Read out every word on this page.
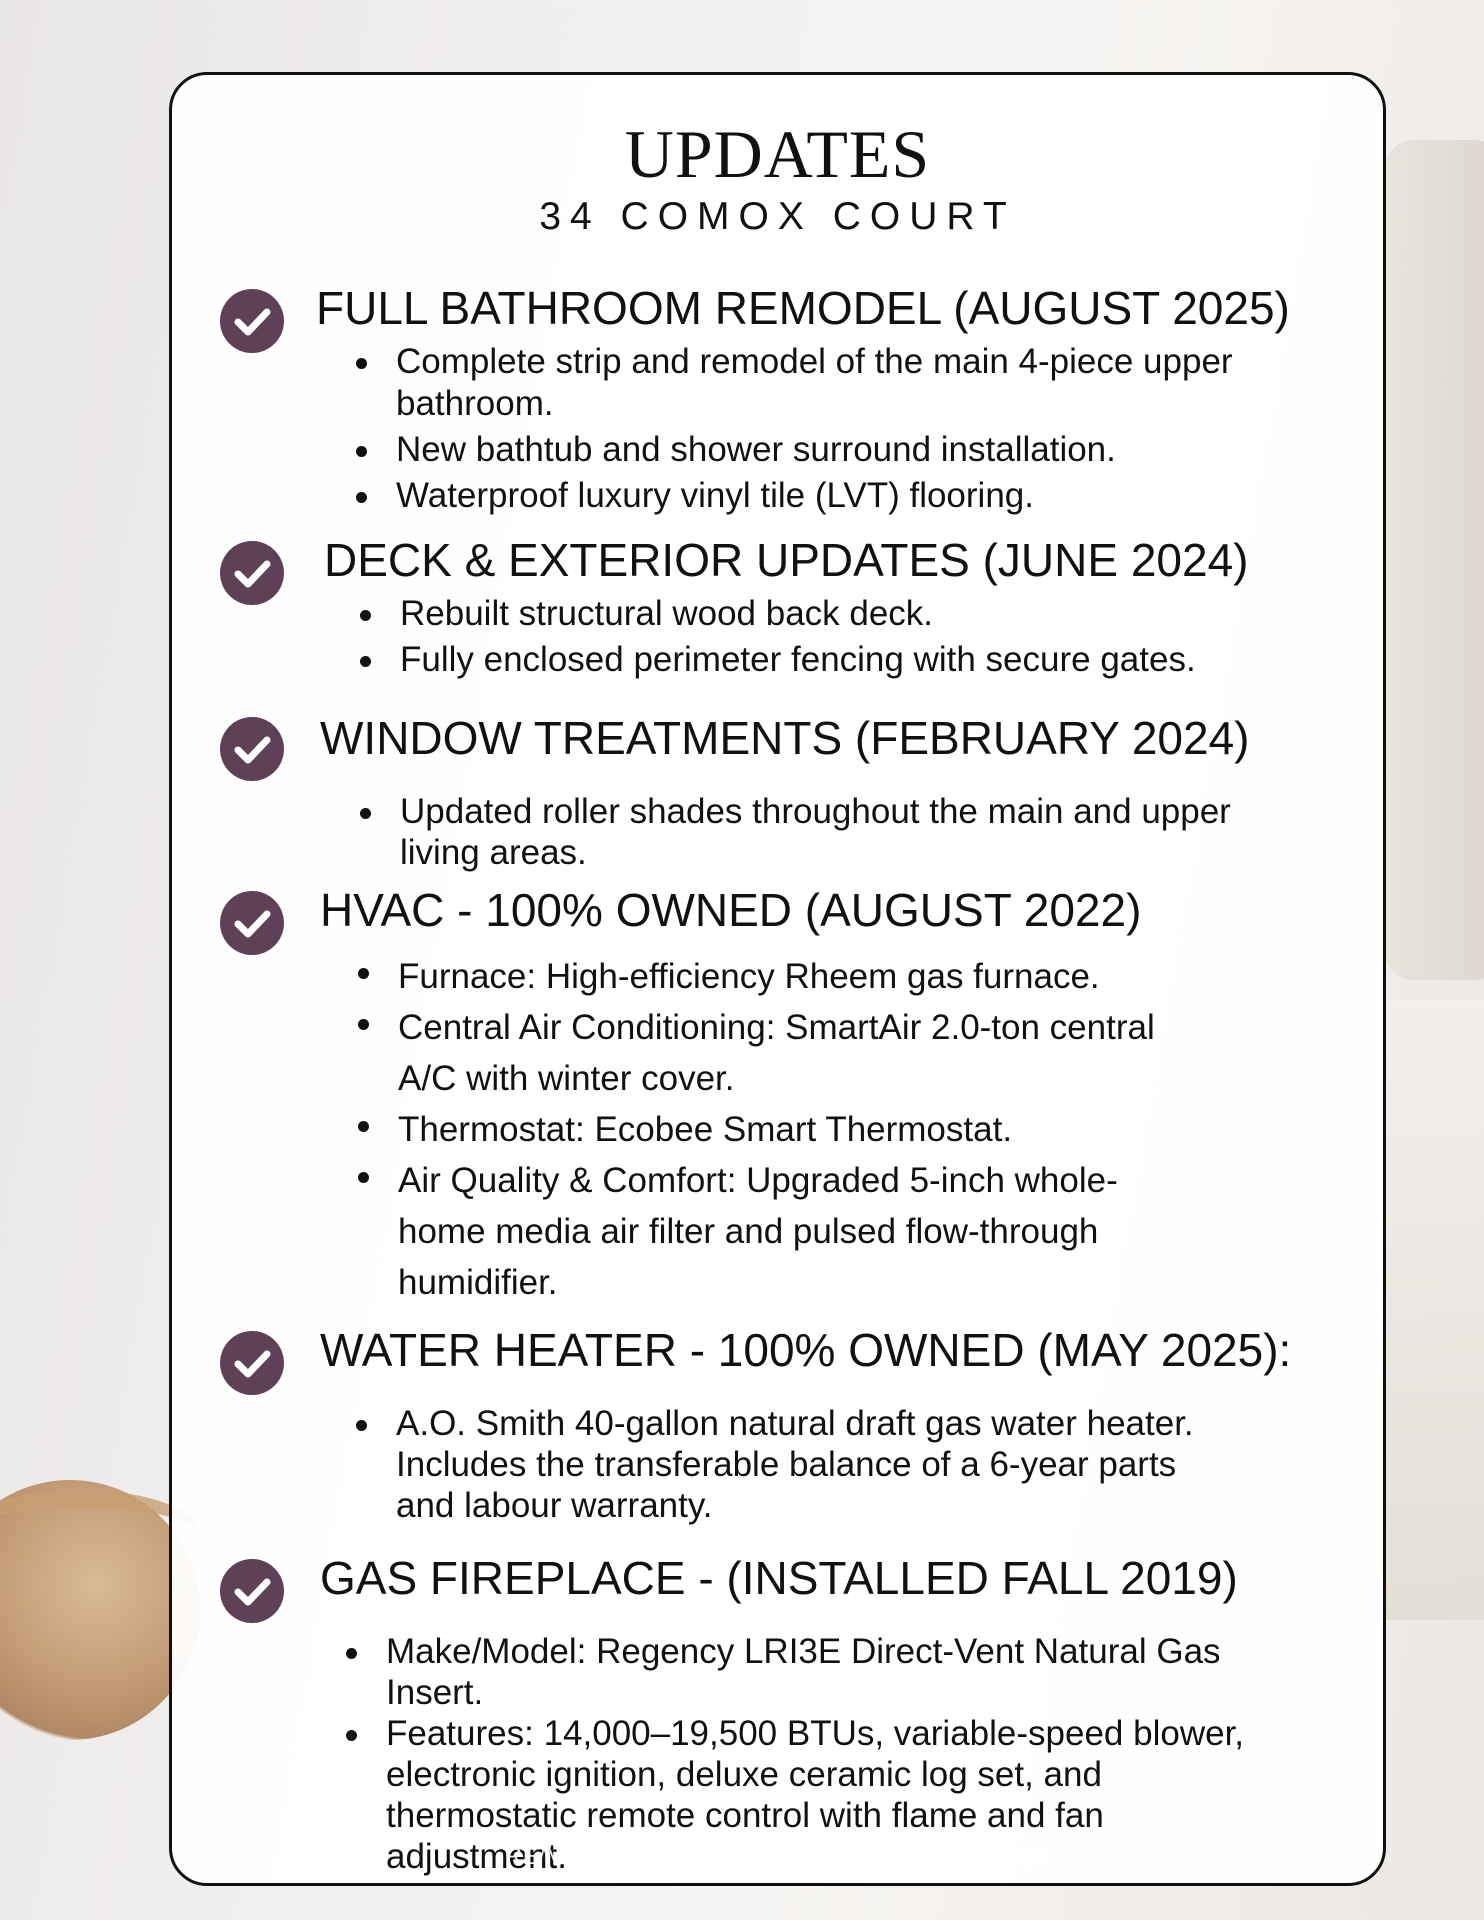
UPDATES
34 COMOX COURT
FULL BATHROOM REMODEL (AUGUST 2025)
Complete strip and remodel of the main 4-piece upper bathroom.
New bathtub and shower surround installation.
Waterproof luxury vinyl tile (LVT) flooring.
DECK & EXTERIOR UPDATES (JUNE 2024)
Rebuilt structural wood back deck.
Fully enclosed perimeter fencing with secure gates.
WINDOW TREATMENTS (FEBRUARY 2024)
Updated roller shades throughout the main and upper living areas.
HVAC - 100% OWNED (AUGUST 2022)
Furnace: High-efficiency Rheem gas furnace.
Central Air Conditioning: SmartAir 2.0-ton central A/C with winter cover.
Thermostat: Ecobee Smart Thermostat.
Air Quality & Comfort: Upgraded 5-inch whole-home media air filter and pulsed flow-through humidifier.
WATER HEATER - 100% OWNED (MAY 2025):
A.O. Smith 40-gallon natural draft gas water heater. Includes the transferable balance of a 6-year parts and labour warranty.
GAS FIREPLACE - (INSTALLED FALL 2019)
Make/Model: Regency LRI3E Direct-Vent Natural Gas Insert.
Features: 14,000–19,500 BTUs, variable-speed blower, electronic ignition, deluxe ceramic log set, and thermostatic remote control with flame and fan adjustment.
RE/MAX ESSENTIAL POWER REALTY, Brokerage
